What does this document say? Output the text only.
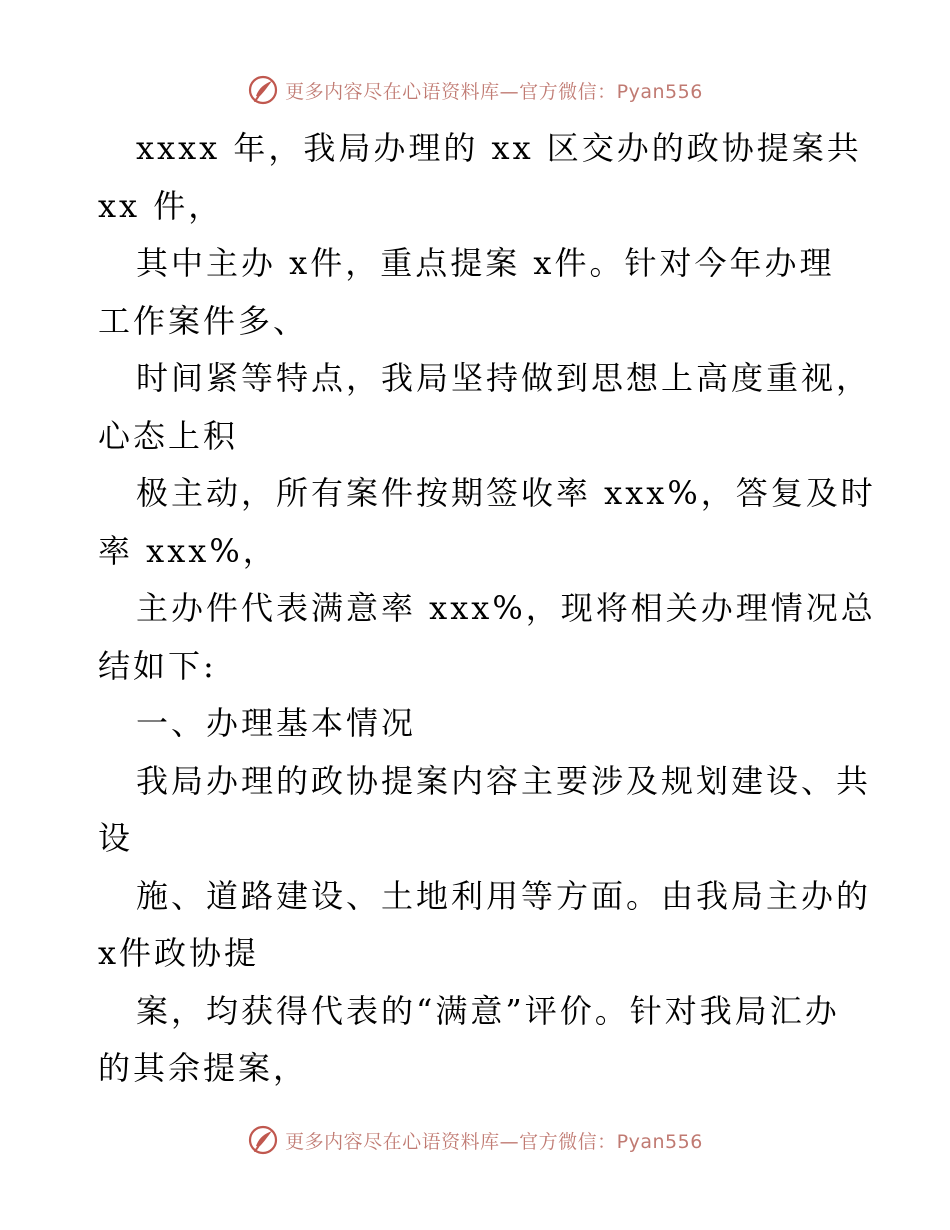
更多内容尽在心语资料库—官方微信：Pyan556

xxxx 年，我局办理的 xx 区交办的政协提案共
xx 件，

其中主办 x件，重点提案 x件。针对今年办理
工作案件多、

时间紧等特点，我局坚持做到思想上高度重视，
心态上积

极主动，所有案件按期签收率 xxx%，答复及时
率 xxx%，

主办件代表满意率 xxx%，现将相关办理情况总
结如下:

一、办理基本情况

我局办理的政协提案内容主要涉及规划建设、共
设

施、道路建设、土地利用等方面。由我局主办的
x件政协提

案，均获得代表的“满意”评价。针对我局汇办
的其余提案，

更多内容尽在心语资料库—官方微信：Pyan556
